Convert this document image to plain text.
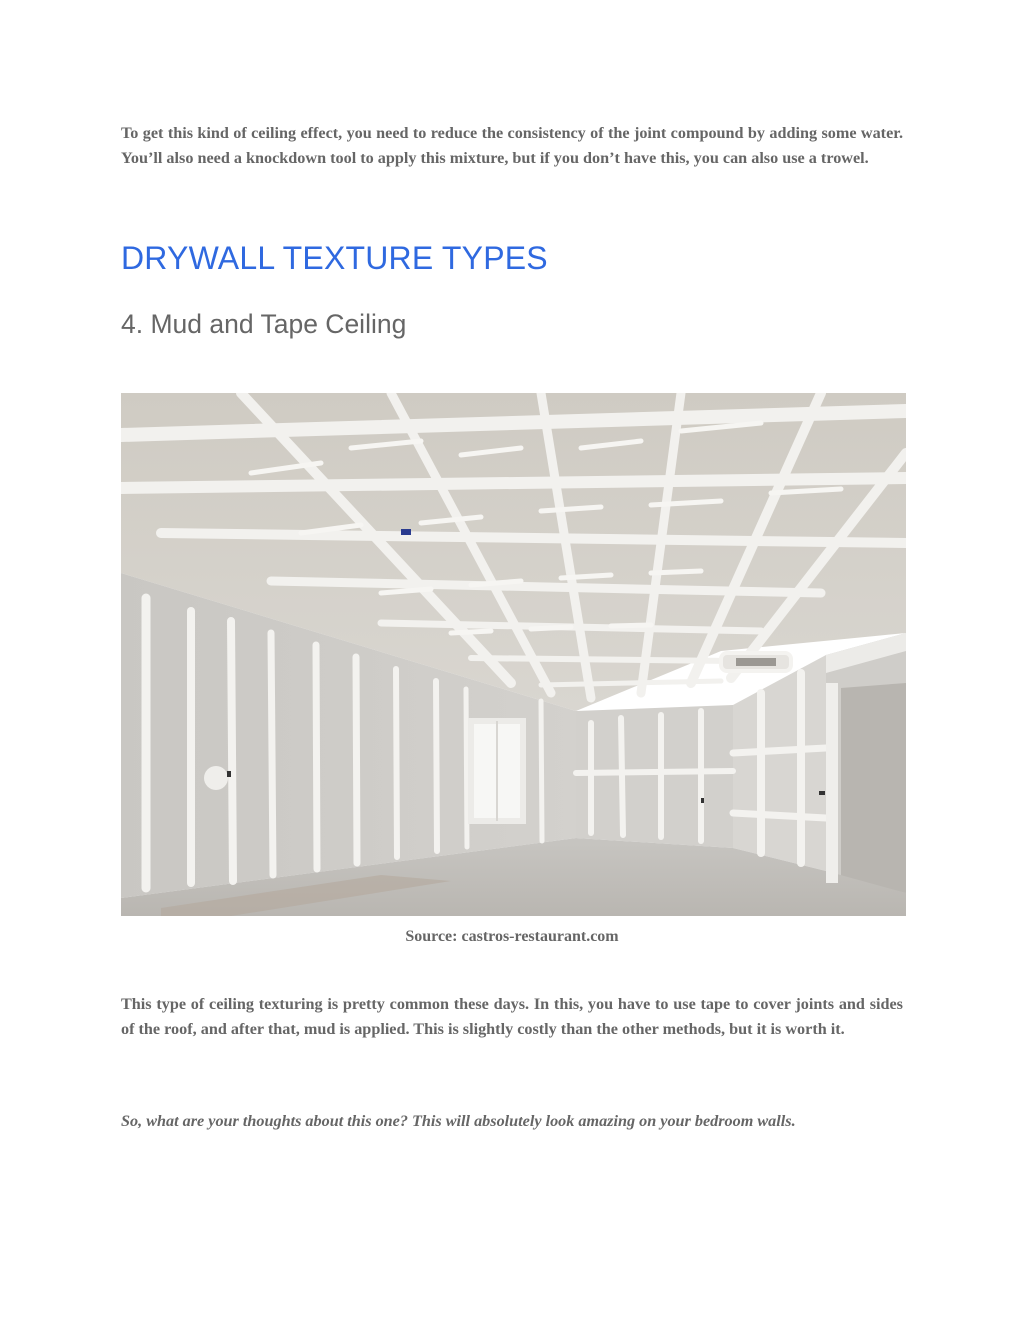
To get this kind of ceiling effect, you need to reduce the consistency of the joint compound by adding some water. You’ll also need a knockdown tool to apply this mixture, but if you don’t have this, you can also use a trowel.

DRYWALL TEXTURE TYPES
4. Mud and Tape Ceiling
Source: castros-restaurant.com

This type of ceiling texturing is pretty common these days. In this, you have to use tape to cover joints and sides of the roof, and after that, mud is applied. This is slightly costly than the other methods, but it is worth it.

So, what are your thoughts about this one? This will absolutely look amazing on your bedroom walls.
